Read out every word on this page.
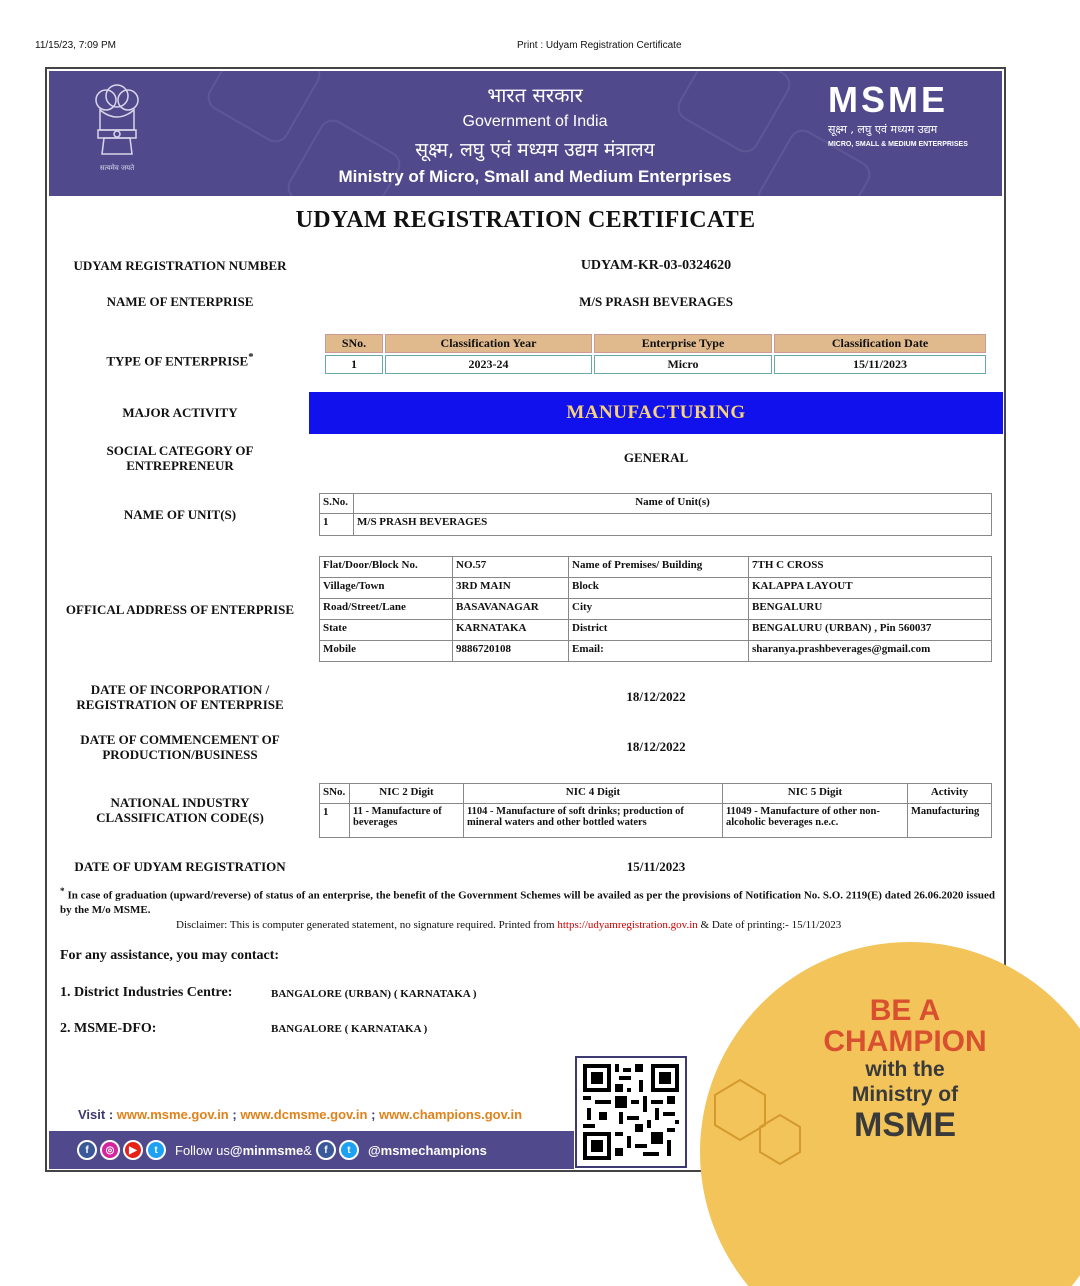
11/15/23, 7:09 PM	Print : Udyam Registration Certificate
सत्यमेव जयते
भारत सरकार
Government of India
सूक्ष्म, लघु एवं मध्यम उद्यम मंत्रालय
Ministry of Micro, Small and Medium Enterprises
MSME
सूक्ष्म , लघु एवं मध्यम उद्यम
MICRO, SMALL & MEDIUM ENTERPRISES
UDYAM REGISTRATION CERTIFICATE
UDYAM REGISTRATION NUMBER	UDYAM-KR-03-0324620
NAME OF ENTERPRISE	M/S PRASH BEVERAGES
TYPE OF ENTERPRISE*
SNo.	Classification Year	Enterprise Type	Classification Date
1	2023-24	Micro	15/11/2023
MAJOR ACTIVITY	MANUFACTURING
SOCIAL CATEGORY OF
ENTREPRENEUR
GENERAL
NAME OF UNIT(S)
S.No.	Name of Unit(s)
1	M/S PRASH BEVERAGES
OFFICAL ADDRESS OF ENTERPRISE
Flat/Door/Block No.	NO.57	Name of Premises/ Building	7TH C CROSS
Village/Town	3RD MAIN	Block	KALAPPA LAYOUT
Road/Street/Lane	BASAVANAGAR	City	BENGALURU
State	KARNATAKA	District	BENGALURU (URBAN) , Pin 560037
Mobile	9886720108	Email:	sharanya.prashbeverages@gmail.com
DATE OF INCORPORATION /
REGISTRATION OF ENTERPRISE
18/12/2022
DATE OF COMMENCEMENT OF
PRODUCTION/BUSINESS
18/12/2022
NATIONAL INDUSTRY
CLASSIFICATION CODE(S)
SNo.	NIC 2 Digit	NIC 4 Digit	NIC 5 Digit	Activity
1	11 - Manufacture of beverages	1104 - Manufacture of soft drinks; production of mineral waters and other bottled waters	11049 - Manufacture of other non-alcoholic beverages n.e.c.	Manufacturing
DATE OF UDYAM REGISTRATION	15/11/2023
* In case of graduation (upward/reverse) of status of an enterprise, the benefit of the Government Schemes will be availed as per the provisions of Notification No. S.O. 2119(E) dated 26.06.2020 issued by the M/o MSME.
Disclaimer: This is computer generated statement, no signature required. Printed from https://udyamregistration.gov.in & Date of printing:- 15/11/2023
BE A
CHAMPION
with the
Ministry of
MSME
For any assistance, you may contact:
1. District Industries Centre:	BANGALORE (URBAN) ( KARNATAKA )
2. MSME-DFO:	BANGALORE ( KARNATAKA )
Visit : www.msme.gov.in ; www.dcmsme.gov.in ; www.champions.gov.in
f	◎	▶	t	Follow us @minmsme &	f	t	@msmechampions
